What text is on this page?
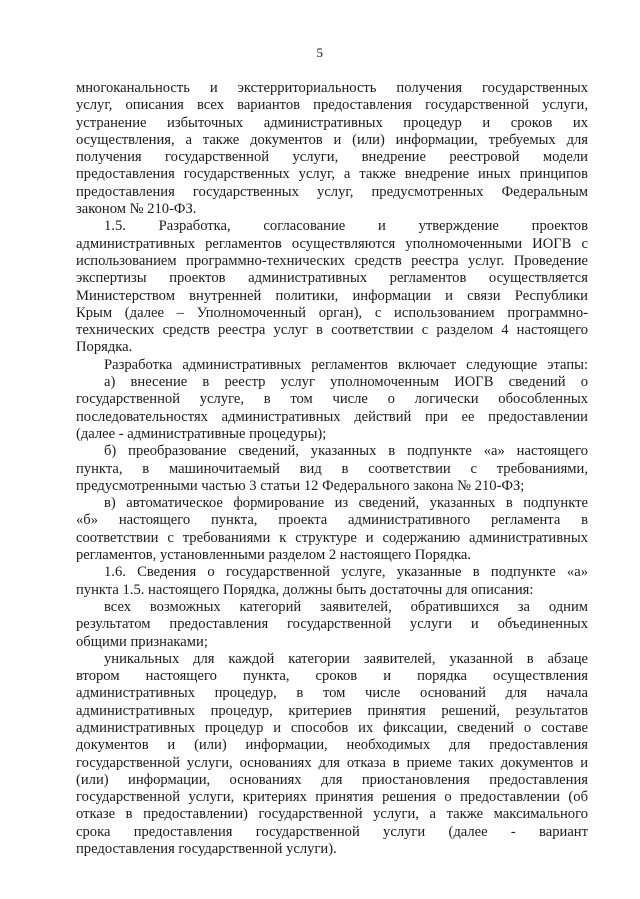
5
многоканальность и экстерриториальность получения государственных
услуг, описания всех вариантов предоставления государственной услуги,
устранение избыточных административных процедур и сроков их
осуществления, а также документов и (или) информации, требуемых для
получения государственной услуги, внедрение реестровой модели
предоставления государственных услуг, а также внедрение иных принципов
предоставления государственных услуг, предусмотренных Федеральным
законом № 210-ФЗ.
1.5. Разработка, согласование и утверждение проектов
административных регламентов осуществляются уполномоченными ИОГВ с
использованием программно-технических средств реестра услуг. Проведение
экспертизы проектов административных регламентов осуществляется
Министерством внутренней политики, информации и связи Республики
Крым (далее – Уполномоченный орган), с использованием программно-
технических средств реестра услуг в соответствии с разделом 4 настоящего
Порядка.
Разработка административных регламентов включает следующие этапы:
а) внесение в реестр услуг уполномоченным ИОГВ сведений о
государственной услуге, в том числе о логически обособленных
последовательностях административных действий при ее предоставлении
(далее - административные процедуры);
б) преобразование сведений, указанных в подпункте «а» настоящего
пункта, в машиночитаемый вид в соответствии с требованиями,
предусмотренными частью 3 статьи 12 Федерального закона № 210-ФЗ;
в) автоматическое формирование из сведений, указанных в подпункте
«б» настоящего пункта, проекта административного регламента в
соответствии с требованиями к структуре и содержанию административных
регламентов, установленными разделом 2 настоящего Порядка.
1.6. Сведения о государственной услуге, указанные в подпункте «а»
пункта 1.5. настоящего Порядка, должны быть достаточны для описания:
всех возможных категорий заявителей, обратившихся за одним
результатом предоставления государственной услуги и объединенных
общими признаками;
уникальных для каждой категории заявителей, указанной в абзаце
втором настоящего пункта, сроков и порядка осуществления
административных процедур, в том числе оснований для начала
административных процедур, критериев принятия решений, результатов
административных процедур и способов их фиксации, сведений о составе
документов и (или) информации, необходимых для предоставления
государственной услуги, основаниях для отказа в приеме таких документов и
(или) информации, основаниях для приостановления предоставления
государственной услуги, критериях принятия решения о предоставлении (об
отказе в предоставлении) государственной услуги, а также максимального
срока предоставления государственной услуги (далее - вариант
предоставления государственной услуги).
